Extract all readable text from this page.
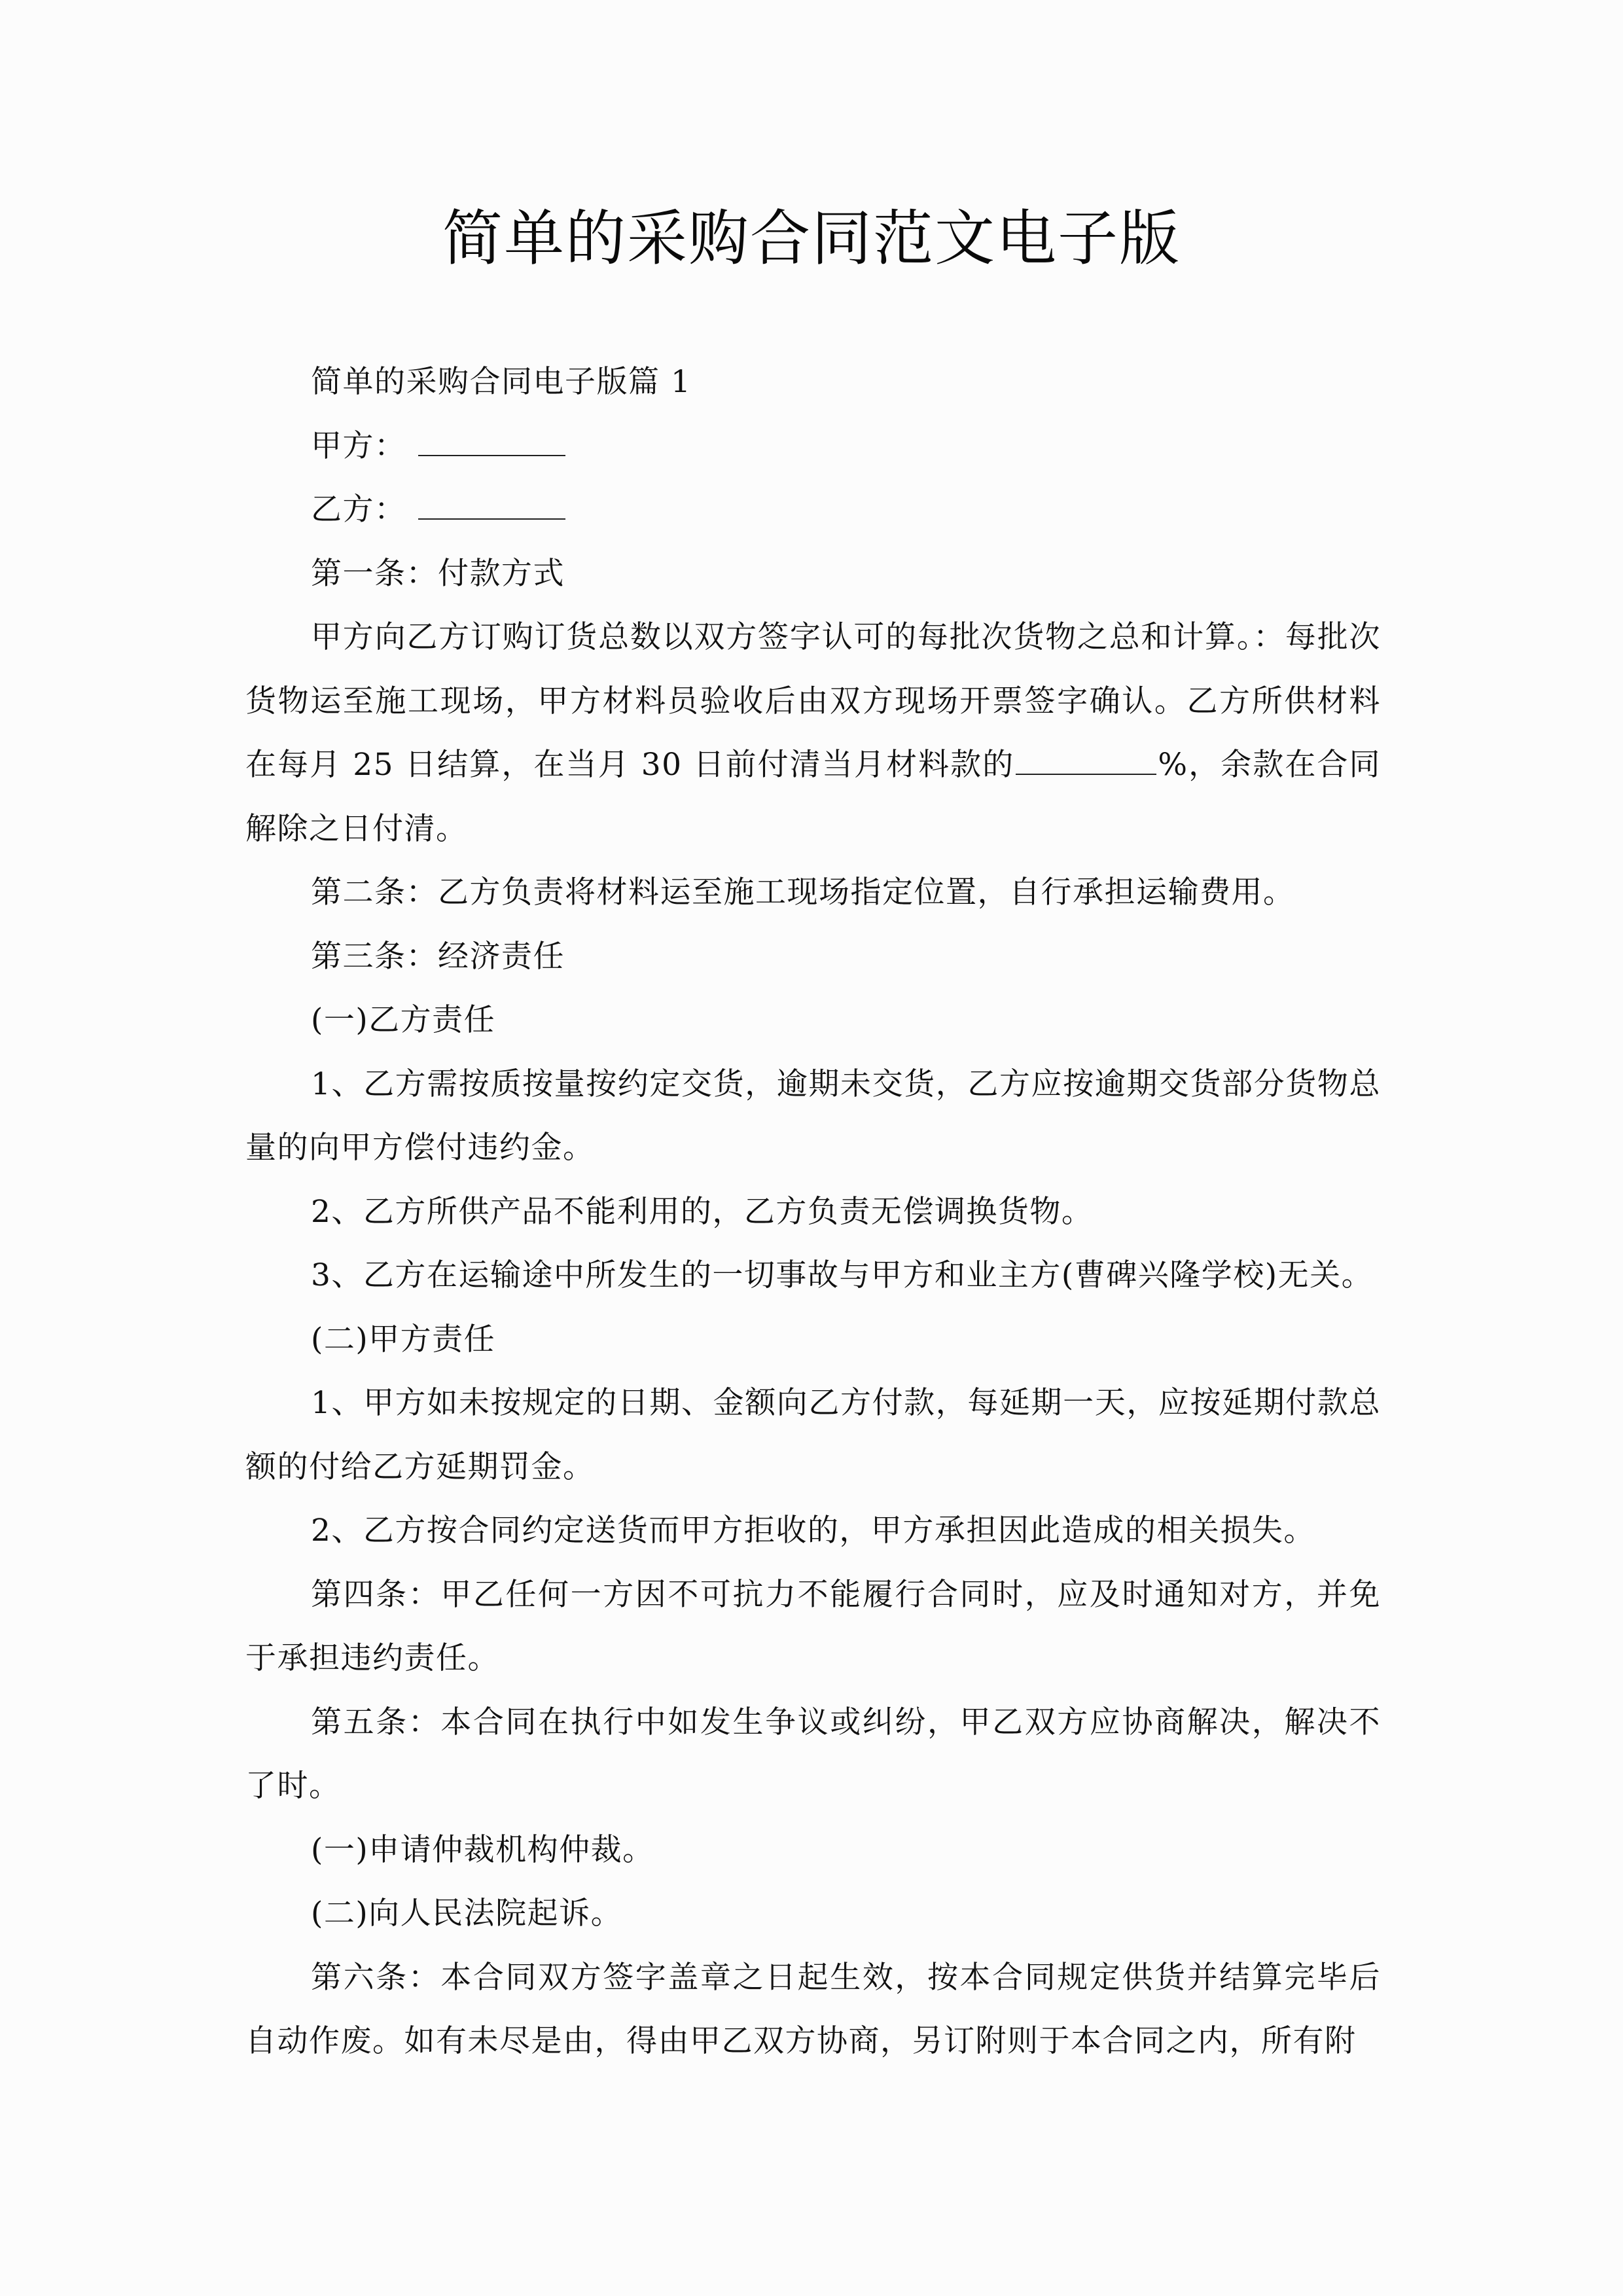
简单的采购合同范文电子版

简单的采购合同电子版篇 1

甲方：

乙方：

第一条：付款方式

甲方向乙方订购订货总数以双方签字认可的每批次货物之总和计算。：每批次货物运至施工现场，甲方材料员验收后由双方现场开票签字确认。乙方所供材料在每月 25 日结算，在当月 30 日前付清当月材料款的	%，余款在合同解除之日付清。

第二条：乙方负责将材料运至施工现场指定位置，自行承担运输费用。

第三条：经济责任

(一)乙方责任

1、乙方需按质按量按约定交货，逾期未交货，乙方应按逾期交货部分货物总量的向甲方偿付违约金。

2、乙方所供产品不能利用的，乙方负责无偿调换货物。

3、乙方在运输途中所发生的一切事故与甲方和业主方(曹碑兴隆学校)无关。

(二)甲方责任

1、甲方如未按规定的日期、金额向乙方付款，每延期一天，应按延期付款总额的付给乙方延期罚金。

2、乙方按合同约定送货而甲方拒收的，甲方承担因此造成的相关损失。

第四条：甲乙任何一方因不可抗力不能履行合同时，应及时通知对方，并免于承担违约责任。

第五条：本合同在执行中如发生争议或纠纷，甲乙双方应协商解决，解决不了时。

(一)申请仲裁机构仲裁。

(二)向人民法院起诉。

第六条：本合同双方签字盖章之日起生效，按本合同规定供货并结算完毕后自动作废。如有未尽是由，得由甲乙双方协商，另订附则于本合同之内，所有附
